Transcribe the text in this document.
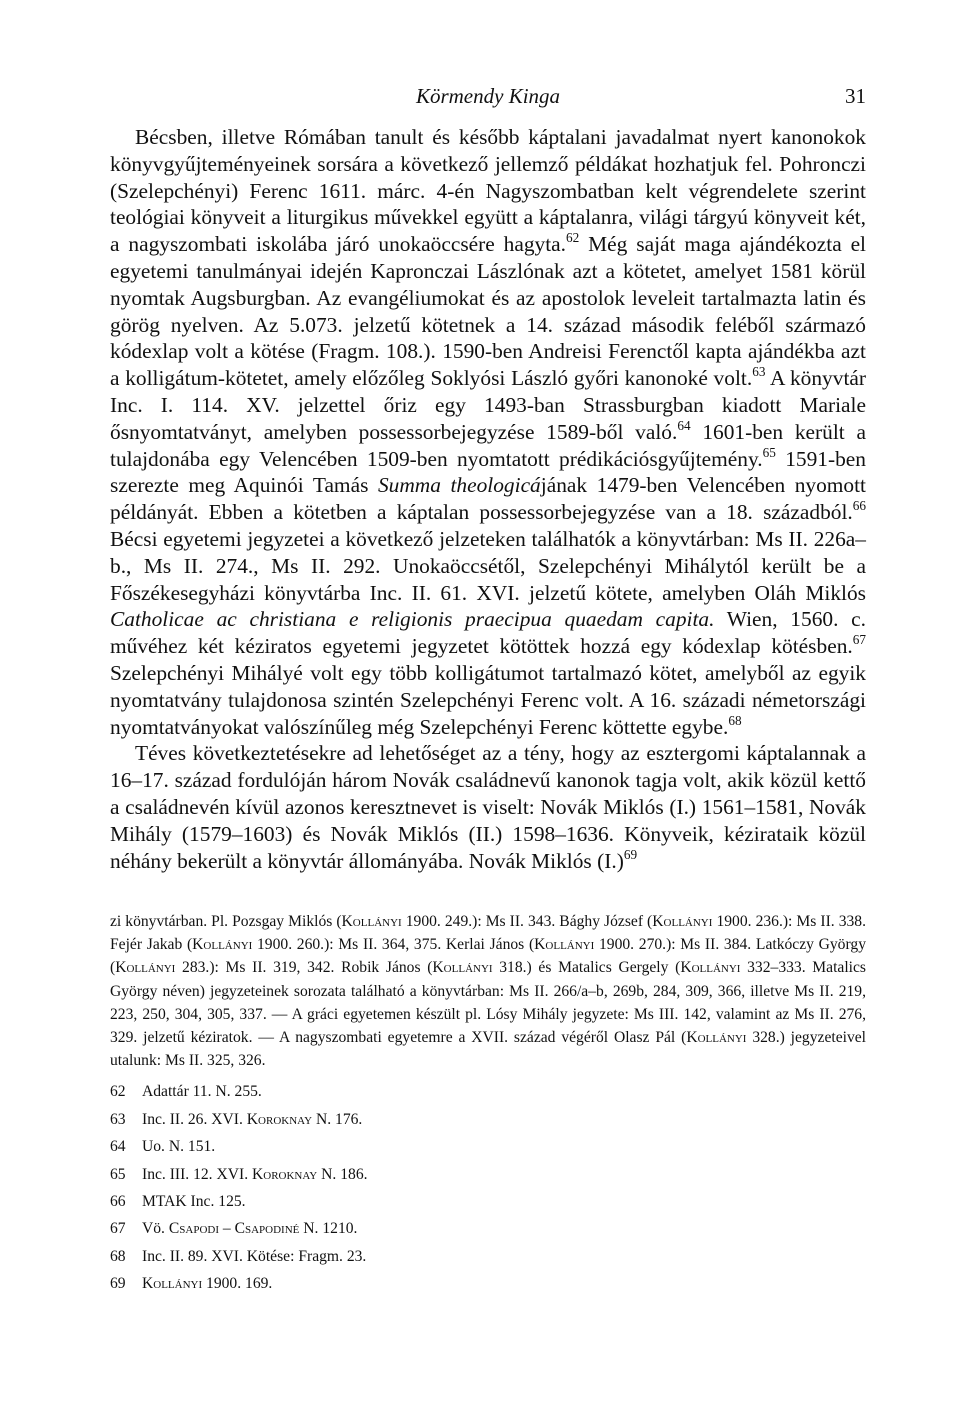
Körmendy Kinga	31

Bécsben, illetve Rómában tanult és később káptalani javadalmat nyert kanonokok könyvgyűjteményeinek sorsára a következő jellemző példákat hozhatjuk fel. Pohronczi (Szelepchényi) Ferenc 1611. márc. 4-én Nagyszombatban kelt végrendelete szerint teológiai könyveit a liturgikus művekkel együtt a káptalanra, világi tárgyú könyveit két, a nagyszombati iskolába járó unokaöccsére hagyta.$^{62}$ Még saját maga ajándékozta el egyetemi tanulmányai idején Kapronczai Lászlónak azt a kötetet, amelyet 1581 körül nyomtak Augsburgban. Az evangéliumokat és az apostolok leveleit tartalmazta latin és görög nyelven. Az 5.073. jelzetű kötetnek a 14. század második feléből származó kódexlap volt a kötése (Fragm. 108.). 1590-ben Andreisi Ferenctől kapta ajándékba azt a kolligátum-kötetet, amely előzőleg Soklyósi László győri kanonoké volt.$^{63}$ A könyvtár Inc. I. 114. XV. jelzettel őriz egy 1493-ban Strassburgban kiadott Mariale ősnyomtatványt, amelyben possessorbejegyzése 1589-ből való.$^{64}$ 1601-ben került a tulajdonába egy Velencében 1509-ben nyomtatott prédikációsgyűjtemény.$^{65}$ 1591-ben szerezte meg Aquinói Tamás Summa theologicájának 1479-ben Velencében nyomott példányát. Ebben a kötetben a káptalan possessorbejegyzése van a 18. századból.$^{66}$ Bécsi egyetemi jegyzetei a következő jelzeteken találhatók a könyvtárban: Ms II. 226a–b., Ms II. 274., Ms II. 292. Unokaöccsétől, Szelepchényi Mihálytól került be a Főszékesegyházi könyvtárba Inc. II. 61. XVI. jelzetű kötete, amelyben Oláh Miklós Catholicae ac christiana e religionis praecipua quaedam capita. Wien, 1560. c. művéhez két kéziratos egyetemi jegyzetet kötöttek hozzá egy kódexlap kötésben.$^{67}$ Szelepchényi Mihályé volt egy több kolligátumot tartalmazó kötet, amelyből az egyik nyomtatvány tulajdonosa szintén Szelepchényi Ferenc volt. A 16. századi németországi nyomtatványokat valószínűleg még Szelepchényi Ferenc köttette egybe.$^{68}$

Téves következtetésekre ad lehetőséget az a tény, hogy az esztergomi káptalannak a 16–17. század fordulóján három Novák családnevű kanonok tagja volt, akik közül kettő a családnevén kívül azonos keresztnevet is viselt: Novák Miklós (I.) 1561–1581, Novák Mihály (1579–1603) és Novák Miklós (II.) 1598–1636. Könyveik, kézirataik közül néhány bekerült a könyvtár állományába. Novák Miklós $(I.)^{69}$

zi könyvtárban. Pl. Pozsgay Miklós (Kollányi 1900. 249.): Ms II. 343. Bághy József (Kollányi 1900. 236.): Ms II. 338. Fejér Jakab (Kollányi 1900. 260.): Ms II. 364, 375. Kerlai János (Kollányi 1900. 270.): Ms II. 384. Latkóczy György (Kollányi 283.): Ms II. 319, 342. Robik János (Kollányi 318.) és Matalics Gergely (Kollányi 332–333. Matalics György néven) jegyzeteinek sorozata található a könyvtárban: Ms II. 266/a–b, 269b, 284, 309, 366, illetve Ms II. 219, 223, 250, 304, 305, 337. — A gráci egyetemen készült pl. Lósy Mihály jegyzete: Ms III. 142, valamint az Ms II. 276, 329. jelzetű kéziratok. — A nagyszombati egyetemre a XVII. század végéről Olasz Pál (Kollányi 328.) jegyzeteivel utalunk: Ms II. 325, 326.

62	Adattár 11. N. 255.
63	Inc. II. 26. XVI. Koroknay N. 176.
64	Uo. N. 151.
65	Inc. III. 12. XVI. Koroknay N. 186.
66	MTAK Inc. 125.
67	Vö. Csapodi – Csapodiné N. 1210.
68	Inc. II. 89. XVI. Kötése: Fragm. 23.
69	Kollányi 1900. 169.
